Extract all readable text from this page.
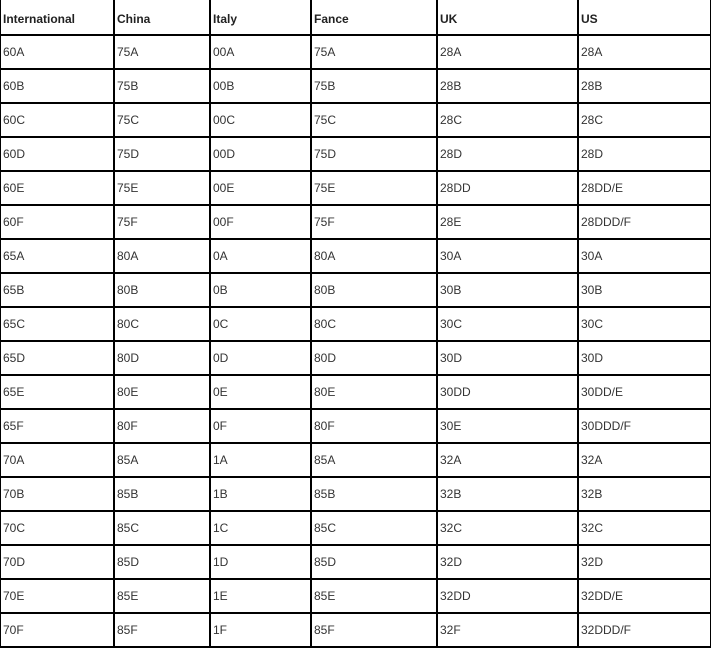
International	China	Italy	Fance	UK	US
60A	75A	00A	75A	28A	28A
60B	75B	00B	75B	28B	28B
60C	75C	00C	75C	28C	28C
60D	75D	00D	75D	28D	28D
60E	75E	00E	75E	28DD	28DD/E
60F	75F	00F	75F	28E	28DDD/F
65A	80A	0A	80A	30A	30A
65B	80B	0B	80B	30B	30B
65C	80C	0C	80C	30C	30C
65D	80D	0D	80D	30D	30D
65E	80E	0E	80E	30DD	30DD/E
65F	80F	0F	80F	30E	30DDD/F
70A	85A	1A	85A	32A	32A
70B	85B	1B	85B	32B	32B
70C	85C	1C	85C	32C	32C
70D	85D	1D	85D	32D	32D
70E	85E	1E	85E	32DD	32DD/E
70F	85F	1F	85F	32F	32DDD/F
